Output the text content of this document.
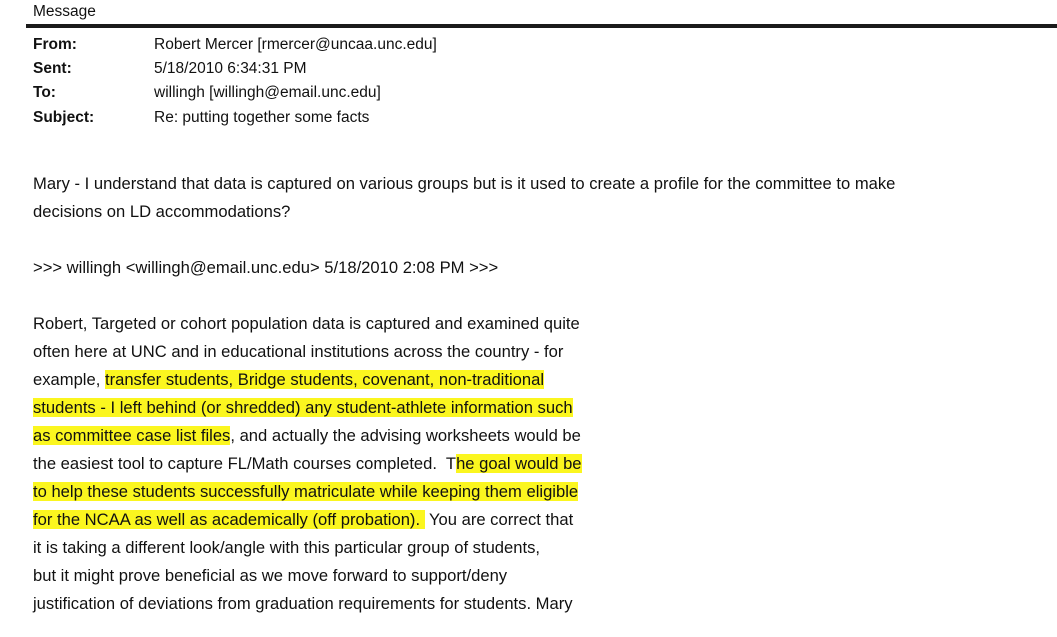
Message
From:	Robert Mercer [rmercer@uncaa.unc.edu]
Sent:	5/18/2010 6:34:31 PM
To:	willingh [willingh@email.unc.edu]
Subject:	Re: putting together some facts
Mary - I understand that data is captured on various groups but is it used to create a profile for the committee to make
decisions on LD accommodations?
>>> willingh <willingh@email.unc.edu> 5/18/2010 2:08 PM >>>
Robert, Targeted or cohort population data is captured and examined quite
often here at UNC and in educational institutions across the country - for
example, transfer students, Bridge students, covenant, non-traditional
students - I left behind (or shredded) any student-athlete information such
as committee case list files, and actually the advising worksheets would be
the easiest tool to capture FL/Math courses completed.  The goal would be
to help these students successfully matriculate while keeping them eligible
for the NCAA as well as academically (off probation).  You are correct that
it is taking a different look/angle with this particular group of students,
but it might prove beneficial as we move forward to support/deny
justification of deviations from graduation requirements for students. Mary
